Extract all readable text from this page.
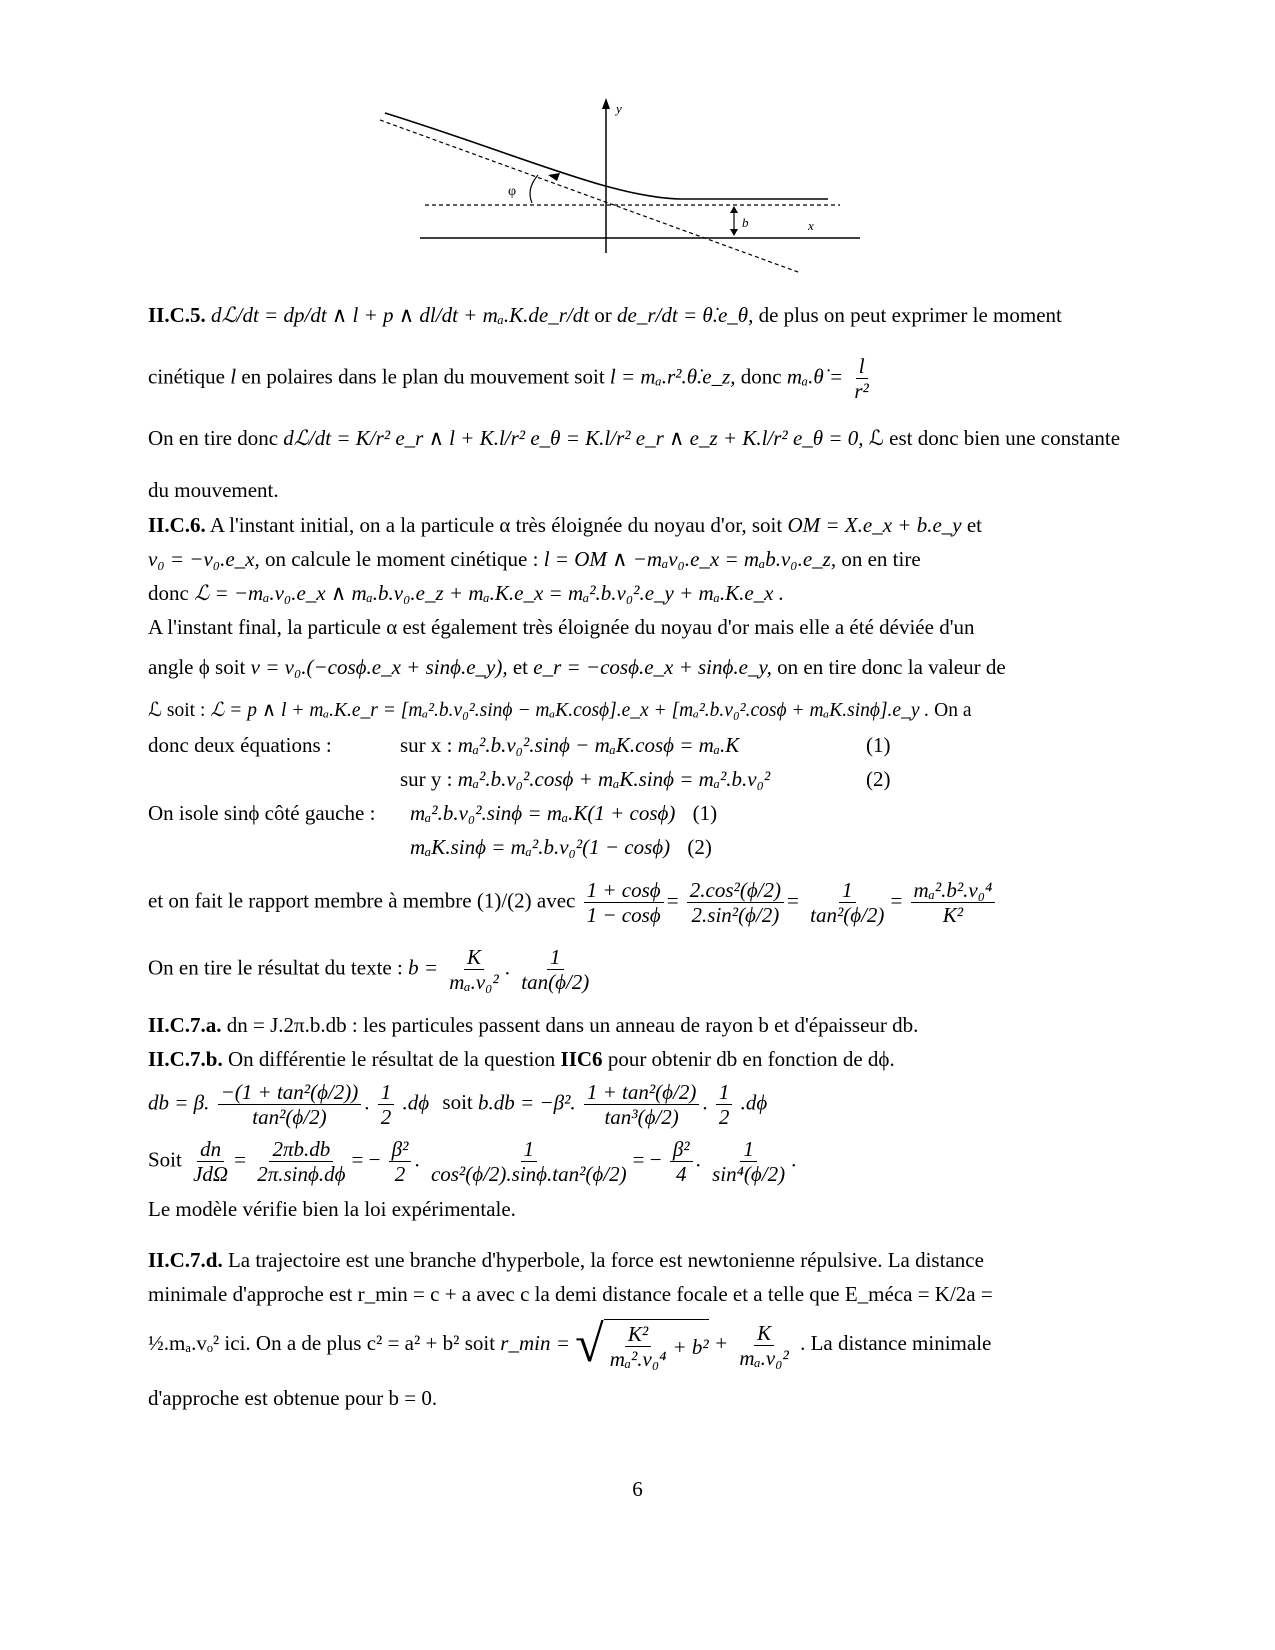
y
x
b
φ
II.C.5. dℒ/dt = dp/dt ∧ l + p ∧ dl/dt + mₐ.K.de_r/dt or de_r/dt = θ̇.e_θ, de plus on peut exprimer le moment
cinétique l en polaires dans le plan du mouvement soit l = mₐ.r².θ̇.e_z, donc mₐ.θ̇ = $\frac{l}{\text{r²}}$
On en tire donc dℒ/dt = K/r² e_r ∧ l + K.l/r² e_θ = K.l/r² e_r ∧ e_z + K.l/r² e_θ = 0, ℒ est donc bien une constante
du mouvement.
II.C.6. A l'instant initial, on a la particule α très éloignée du noyau d'or, soit OM = X.e_x + b.e_y et
v₀ = −v₀.e_x, on calcule le moment cinétique : l = OM ∧ −mₐv₀.e_x = mₐb.v₀.e_z, on en tire
donc ℒ = −mₐ.v₀.e_x ∧ mₐ.b.v₀.e_z + mₐ.K.e_x = mₐ².b.v₀².e_y + mₐ.K.e_x .
A l'instant final, la particule α est également très éloignée du noyau d'or mais elle a été déviée d'un
angle ϕ soit v = v₀.(−cosϕ.e_x + sinϕ.e_y), et e_r = −cosϕ.e_x + sinϕ.e_y, on en tire donc la valeur de
ℒ soit : ℒ = p ∧ l + mₐ.K.e_r = [mₐ².b.v₀².sinϕ − mₐK.cosϕ].e_x + [mₐ².b.v₀².cosϕ + mₐK.sinϕ].e_y . On a
donc deux équations :	sur x : mₐ².b.v₀².sinϕ − mₐK.cosϕ = mₐ.K	(1)
sur y : mₐ².b.v₀².cosϕ + mₐK.sinϕ = mₐ².b.v₀²	(2)

On isole sinϕ côté gauche : mₐ².b.v₀².sinϕ = mₐ.K(1 + cosϕ) (1)
mₐK.sinϕ = mₐ².b.v₀²(1 − cosϕ) (2)

et on fait le rapport membre à membre (1)/(2) avec $\frac{1 + \cos\phi}{1 - \cos\phi} = \frac{\text{2.cos²(ϕ/2)}}{\text{2.sin²(ϕ/2)}} = \frac{1}{\text{tan²(ϕ/2)}} = \frac{\text{mₐ².b².v₀⁴}}{\text{K²}}$
On en tire le résultat du texte : $b = \frac{K}{\text{mₐ.v₀²}}$ . $\frac{1}{\tan(\phi/2)}$
II.C.7.a. dn = J.2π.b.db : les particules passent dans un anneau de rayon b et d'épaisseur db.
II.C.7.b. On différentie le résultat de la question IIC6 pour obtenir db en fonction de dϕ.
db = β. $\frac{\text{−(1 + tan²(ϕ/2))}}{\text{tan²(ϕ/2)}}$ . $\frac{1}{2} .d\phi$ soit b.db = −β². $\frac{\text{1 + tan²(ϕ/2)}}{\text{tan³(ϕ/2)}}$ . $\frac{1}{2} .d\phi$
Soit $\frac{dn}{\text{JdΩ}} = \frac{2\pi b.db}{2\pi.\sin\phi.d\phi}$ = − $\frac{\text{β²}}{2}$ . $\frac{1}{\text{cos²(ϕ/2).sinϕ.tan²(ϕ/2)}}$ = − $\frac{\text{β²}}{4}$ . $\frac{1}{\text{sin⁴(ϕ/2)}}$ .
Le modèle vérifie bien la loi expérimentale.
II.C.7.d. La trajectoire est une branche d'hyperbole, la force est newtonienne répulsive. La distance
minimale d'approche est r_min = c + a avec c la demi distance focale et a telle que E_méca = K/2a =
½.mₐ.vₒ² ici. On a de plus c² = a² + b² soit r_min = √ $\frac{\text{K²}}{\text{mₐ².v₀⁴}} + b^2 + \frac{K}{\text{mₐ.v₀²}}$ . La distance minimale
d'approche est obtenue pour b = 0.
6
